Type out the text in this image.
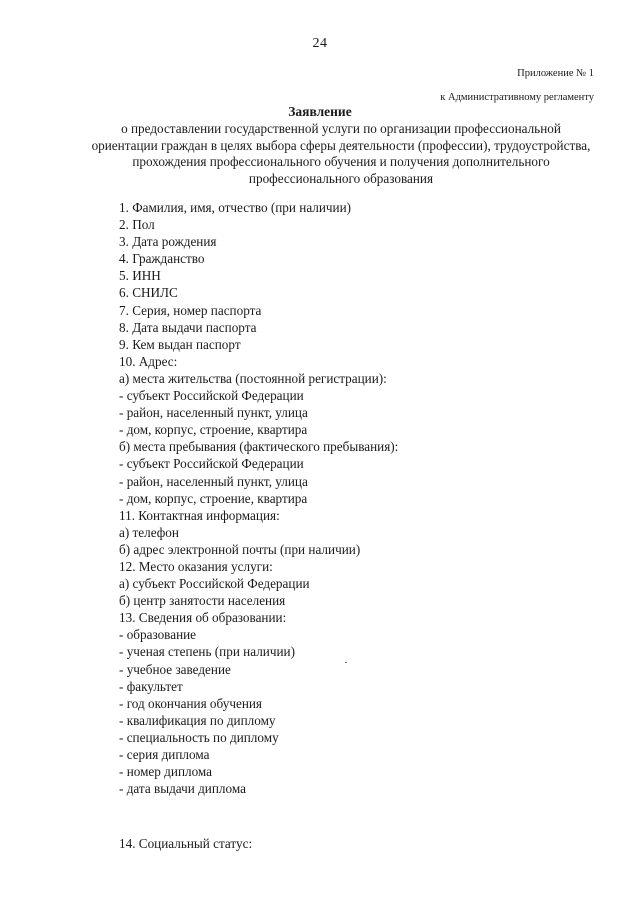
24
Приложение № 1
к Административному регламенту
Заявление
о предоставлении государственной услуги по организации профессиональной ориентации граждан в целях выбора сферы деятельности (профессии), трудоустройства, прохождения профессионального обучения и получения дополнительного профессионального образования
1. Фамилия, имя, отчество (при наличии)
2. Пол
3. Дата рождения
4. Гражданство
5. ИНН
6. СНИЛС
7. Серия, номер паспорта
8. Дата выдачи паспорта
9. Кем выдан паспорт
10. Адрес:
а) места жительства (постоянной регистрации):
- субъект Российской Федерации
- район, населенный пункт, улица
- дом, корпус, строение, квартира
б) места пребывания (фактического пребывания):
- субъект Российской Федерации
- район, населенный пункт, улица
- дом, корпус, строение, квартира
11. Контактная информация:
а) телефон
б) адрес электронной почты (при наличии)
12. Место оказания услуги:
а) субъект Российской Федерации
б) центр занятости населения
13. Сведения об образовании:
- образование
- ученая степень (при наличии)
- учебное заведение
- факультет
- год окончания обучения
- квалификация по диплому
- специальность по диплому
- серия диплома
- номер диплома
- дата выдачи диплома
14. Социальный статус:
